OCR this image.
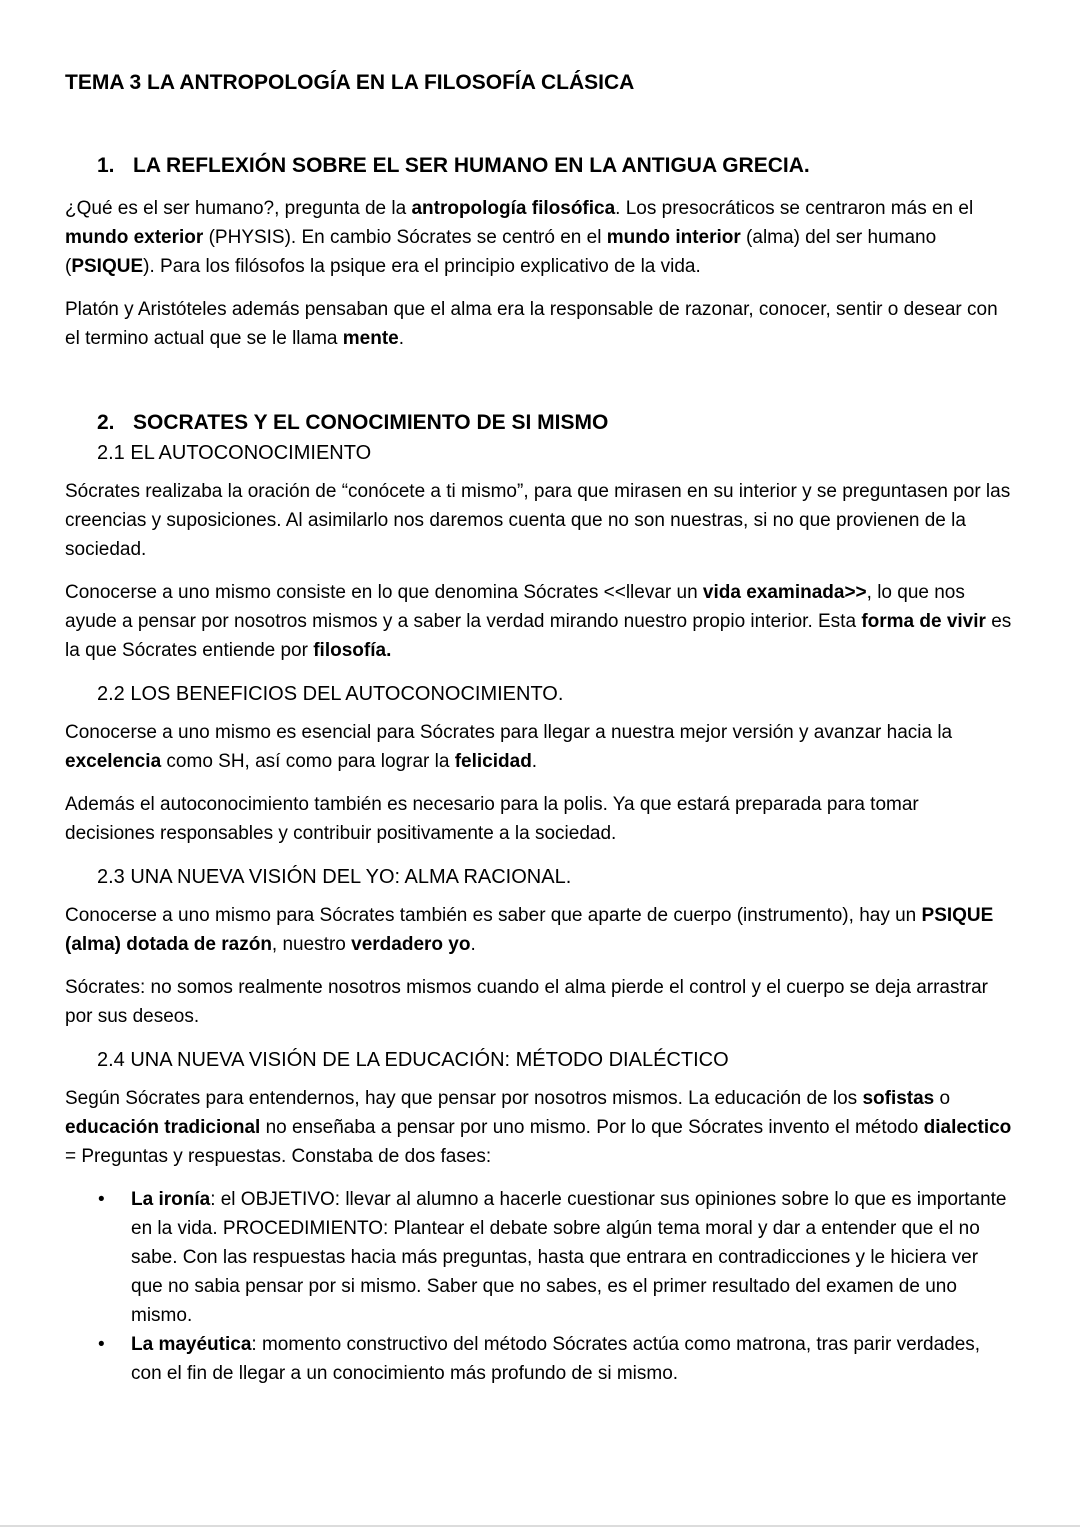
TEMA 3 LA ANTROPOLOGÍA EN LA FILOSOFÍA CLÁSICA
1. LA REFLEXIÓN SOBRE EL SER HUMANO EN LA ANTIGUA GRECIA.
¿Qué es el ser humano?, pregunta de la antropología filosófica. Los presocráticos se centraron más en el mundo exterior (PHYSIS). En cambio Sócrates se centró en el mundo interior (alma) del ser humano (PSIQUE). Para los filósofos la psique era el principio explicativo de la vida.
Platón y Aristóteles además pensaban que el alma era la responsable de razonar, conocer, sentir o desear con el termino actual que se le llama mente.
2. SOCRATES Y EL CONOCIMIENTO DE SI MISMO
2.1 EL AUTOCONOCIMIENTO
Sócrates realizaba la oración de “conócete a ti mismo”, para que mirasen en su interior y se preguntasen por las creencias y suposiciones. Al asimilarlo nos daremos cuenta que no son nuestras, si no que provienen de la sociedad.
Conocerse a uno mismo consiste en lo que denomina Sócrates <<llevar un vida examinada>>, lo que nos ayude a pensar por nosotros mismos y a saber la verdad mirando nuestro propio interior. Esta forma de vivir es la que Sócrates entiende por filosofía.
2.2 LOS BENEFICIOS DEL AUTOCONOCIMIENTO.
Conocerse a uno mismo es esencial para Sócrates para llegar a nuestra mejor versión y avanzar hacia la excelencia como SH, así como para lograr la felicidad.
Además el autoconocimiento también es necesario para la polis. Ya que estará preparada para tomar decisiones responsables y contribuir positivamente a la sociedad.
2.3 UNA NUEVA VISIÓN DEL YO: ALMA RACIONAL.
Conocerse a uno mismo para Sócrates también es saber que aparte de cuerpo (instrumento), hay un PSIQUE (alma) dotada de razón, nuestro verdadero yo.
Sócrates: no somos realmente nosotros mismos cuando el alma pierde el control y el cuerpo se deja arrastrar por sus deseos.
2.4 UNA NUEVA VISIÓN DE LA EDUCACIÓN: MÉTODO DIALÉCTICO
Según Sócrates para entendernos, hay que pensar por nosotros mismos. La educación de los sofistas o educación tradicional no enseñaba a pensar por uno mismo. Por lo que Sócrates invento el método dialectico = Preguntas y respuestas. Constaba de dos fases:
•	La ironía: el OBJETIVO: llevar al alumno a hacerle cuestionar sus opiniones sobre lo que es importante en la vida. PROCEDIMIENTO: Plantear el debate sobre algún tema moral y dar a entender que el no sabe. Con las respuestas hacia más preguntas, hasta que entrara en contradicciones y le hiciera ver que no sabia pensar por si mismo. Saber que no sabes, es el primer resultado del examen de uno mismo.
•	La mayéutica: momento constructivo del método Sócrates actúa como matrona, tras parir verdades, con el fin de llegar a un conocimiento más profundo de si mismo.
